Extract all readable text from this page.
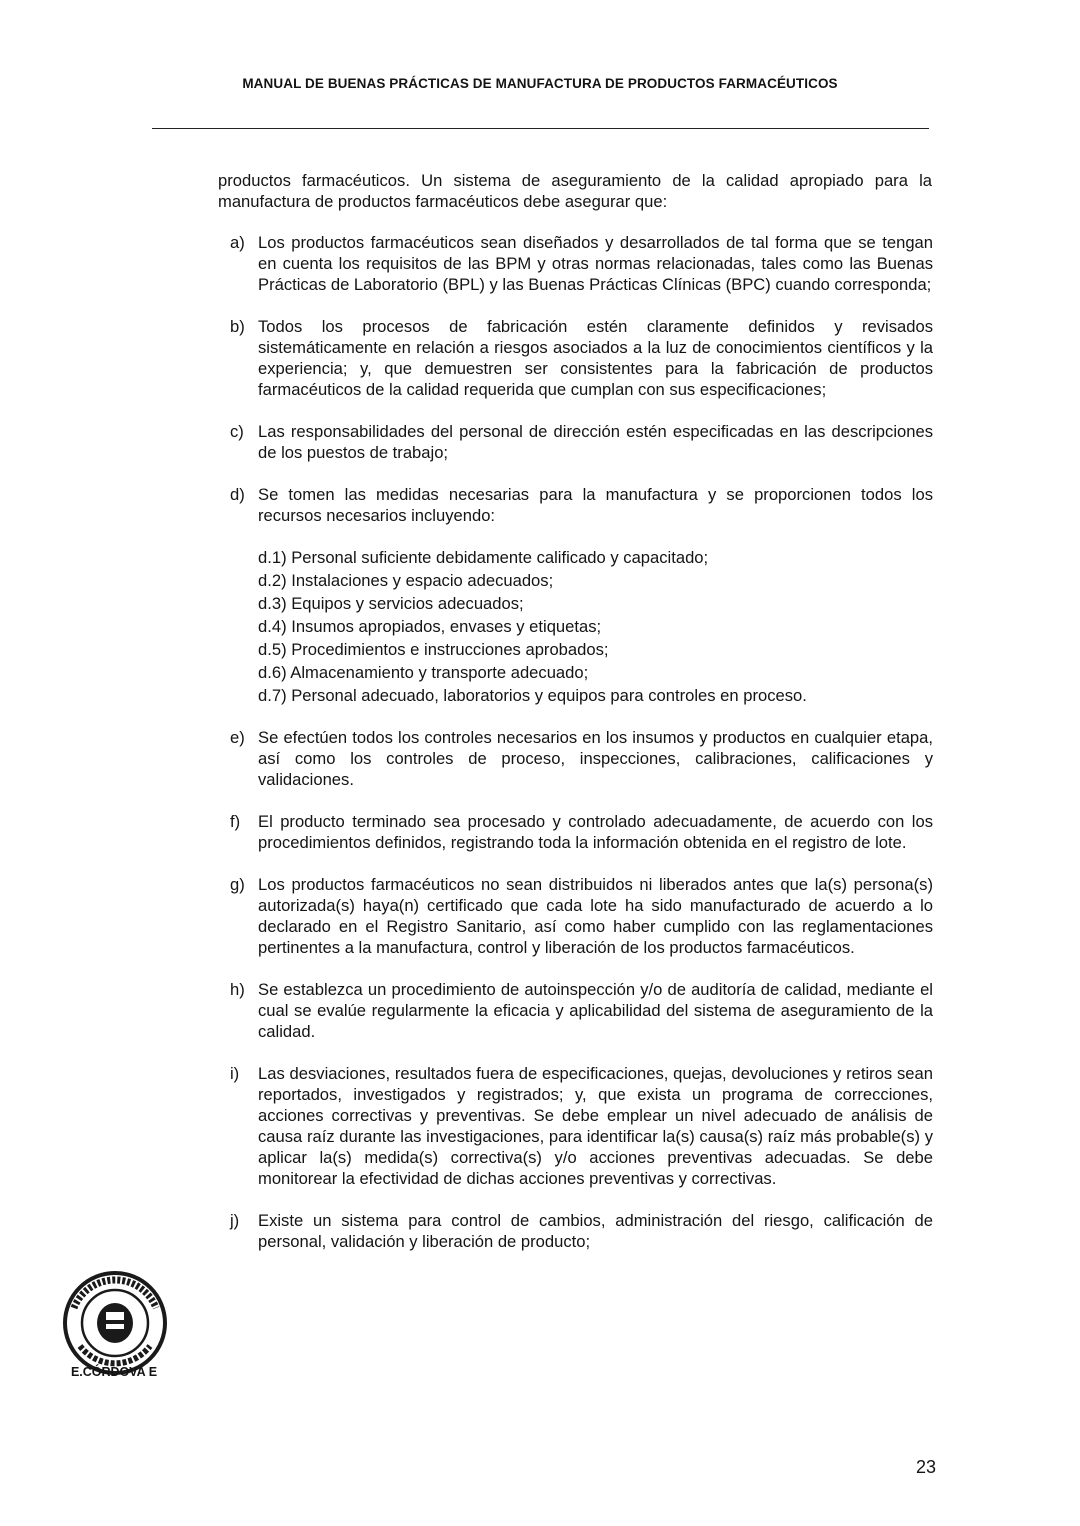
MANUAL DE BUENAS PRÁCTICAS DE MANUFACTURA DE PRODUCTOS FARMACÉUTICOS
productos farmacéuticos. Un sistema de aseguramiento de la calidad apropiado para la manufactura de productos farmacéuticos debe asegurar que:
a) Los productos farmacéuticos sean diseñados y desarrollados de tal forma que se tengan en cuenta los requisitos de las BPM y otras normas relacionadas, tales como las Buenas Prácticas de Laboratorio (BPL) y las Buenas Prácticas Clínicas (BPC) cuando corresponda;
b) Todos los procesos de fabricación estén claramente definidos y revisados sistemáticamente en relación a riesgos asociados a la luz de conocimientos científicos y la experiencia; y, que demuestren ser consistentes para la fabricación de productos farmacéuticos de la calidad requerida que cumplan con sus especificaciones;
c) Las responsabilidades del personal de dirección estén especificadas en las descripciones de los puestos de trabajo;
d) Se tomen las medidas necesarias para la manufactura y se proporcionen todos los recursos necesarios incluyendo:
d.1) Personal suficiente debidamente calificado y capacitado;
d.2) Instalaciones y espacio adecuados;
d.3) Equipos y servicios adecuados;
d.4) Insumos apropiados, envases y etiquetas;
d.5) Procedimientos e instrucciones aprobados;
d.6) Almacenamiento y transporte adecuado;
d.7) Personal adecuado, laboratorios y equipos para controles en proceso.
e) Se efectúen todos los controles necesarios en los insumos y productos en cualquier etapa, así como los controles de proceso, inspecciones, calibraciones, calificaciones y validaciones.
f) El producto terminado sea procesado y controlado adecuadamente, de acuerdo con los procedimientos definidos, registrando toda la información obtenida en el registro de lote.
g) Los productos farmacéuticos no sean distribuidos ni liberados antes que la(s) persona(s) autorizada(s) haya(n) certificado que cada lote ha sido manufacturado de acuerdo a lo declarado en el Registro Sanitario, así como haber cumplido con las reglamentaciones pertinentes a la manufactura, control y liberación de los productos farmacéuticos.
h) Se establezca un procedimiento de autoinspección y/o de auditoría de calidad, mediante el cual se evalúe regularmente la eficacia y aplicabilidad del sistema de aseguramiento de la calidad.
i) Las desviaciones, resultados fuera de especificaciones, quejas, devoluciones y retiros sean reportados, investigados y registrados; y, que exista un programa de correcciones, acciones correctivas y preventivas. Se debe emplear un nivel adecuado de análisis de causa raíz durante las investigaciones, para identificar la(s) causa(s) raíz más probable(s) y aplicar la(s) medida(s) correctiva(s) y/o acciones preventivas adecuadas. Se debe monitorear la efectividad de dichas acciones preventivas y correctivas.
j) Existe un sistema para control de cambios, administración del riesgo, calificación de personal, validación y liberación de producto;
E.CÓRDOVA E
23
